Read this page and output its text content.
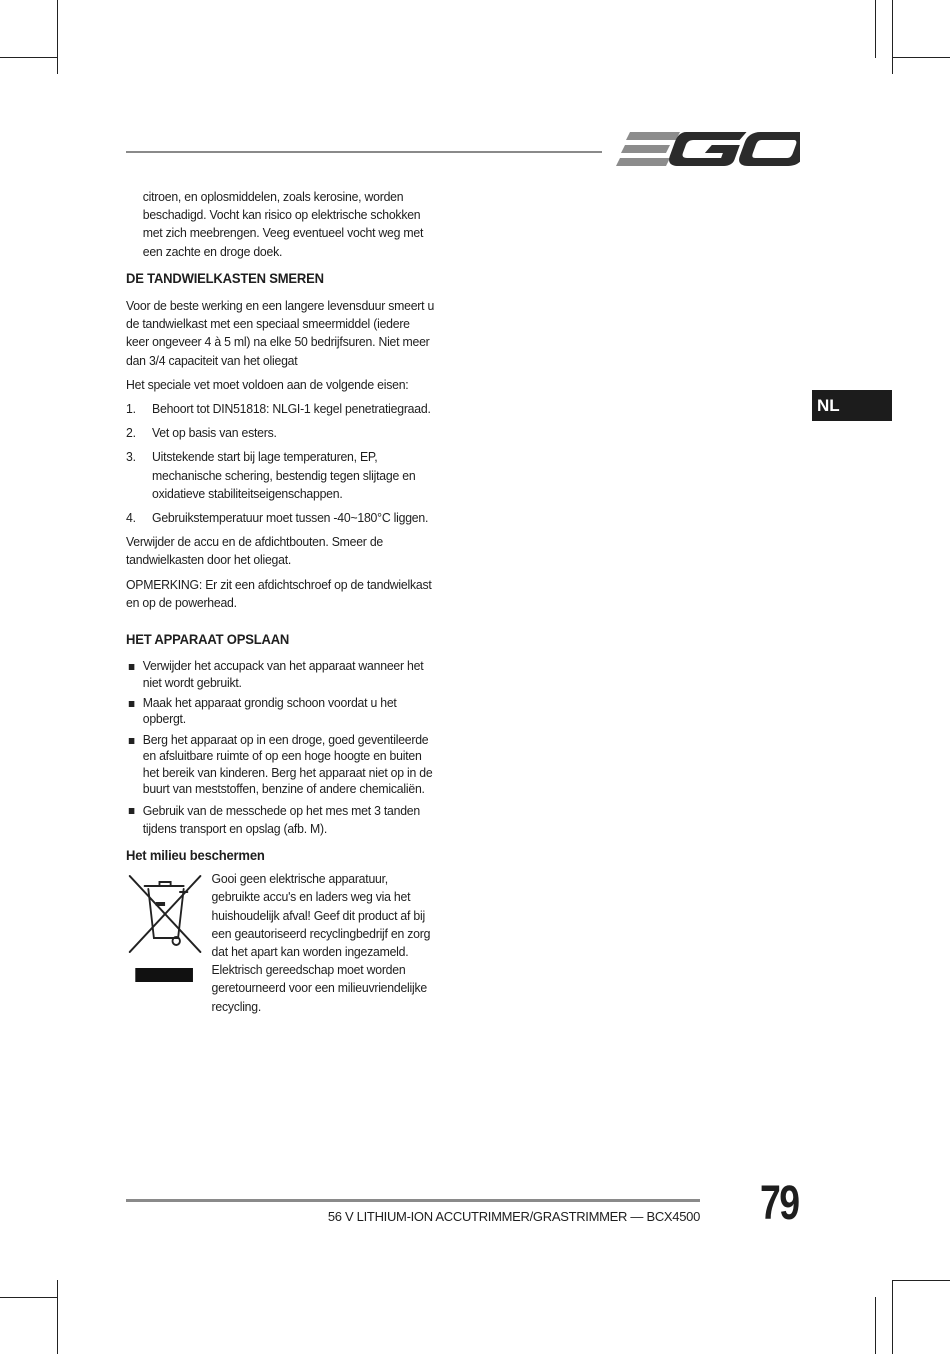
NL

citroen, en oplosmiddelen, zoals kerosine, worden beschadigd. Vocht kan risico op elektrische schokken met zich meebrengen. Veeg eventueel vocht weg met een zachte en droge doek.

DE TANDWIELKASTEN SMEREN

Voor de beste werking en een langere levensduur smeert u de tandwielkast met een speciaal smeermiddel (iedere keer ongeveer 4 à 5 ml) na elke 50 bedrijfsuren. Niet meer dan 3/4 capaciteit van het oliegat

Het speciale vet moet voldoen aan de volgende eisen:

1. Behoort tot DIN51818: NLGI-1 kegel penetratiegraad.
2. Vet op basis van esters.
3. Uitstekende start bij lage temperaturen, EP, mechanische schering, bestendig tegen slijtage en oxidatieve stabiliteitseigenschappen.
4. Gebruikstemperatuur moet tussen -40~180°C liggen.

Verwijder de accu en de afdichtbouten. Smeer de tandwielkasten door het oliegat.

OPMERKING: Er zit een afdichtschroef op de tandwielkast en op de powerhead.

HET APPARAAT OPSLAAN

Verwijder het accupack van het apparaat wanneer het niet wordt gebruikt.
Maak het apparaat grondig schoon voordat u het opbergt.
Berg het apparaat op in een droge, goed geventileerde en afsluitbare ruimte of op een hoge hoogte en buiten het bereik van kinderen. Berg het apparaat niet op in de buurt van meststoffen, benzine of andere chemicaliën.
Gebruik van de messchede op het mes met 3 tanden tijdens transport en opslag (afb. M).

Het milieu beschermen

Gooi geen elektrische apparatuur, gebruikte accu's en laders weg via het huishoudelijk afval! Geef dit product af bij een geautoriseerd recyclingbedrijf en zorg dat het apart kan worden ingezameld. Elektrisch gereedschap moet worden geretourneerd voor een milieuvriendelijke recycling.

56 V LITHIUM-ION ACCUTRIMMER/GRASTRIMMER — BCX4500 79
